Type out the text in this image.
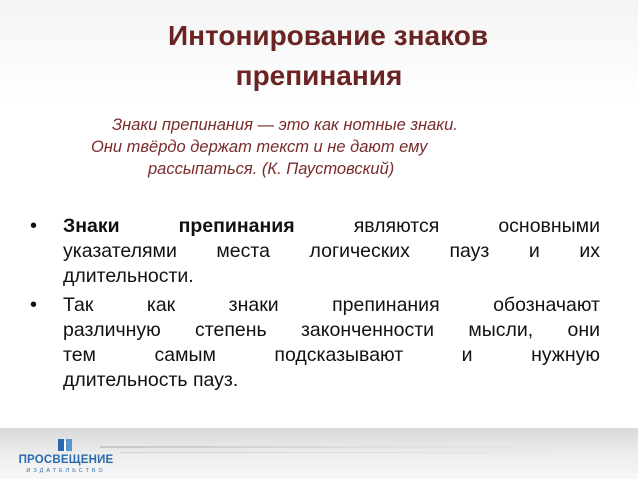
Интонирование знаков
препинания
Знаки препинания — это как нотные знаки.
Они твёрдо держат текст и не дают ему
рассыпаться. (К. Паустовский)
•	Знаки препинания являются основными
указателями места логических пауз и их
длительности.
•	Так как знаки препинания обозначают
различную степень законченности мысли, они
тем самым подсказывают и нужную
длительность пауз.
ПРОСВЕЩЕНИЕ
ИЗДАТЕЛЬСТВО
